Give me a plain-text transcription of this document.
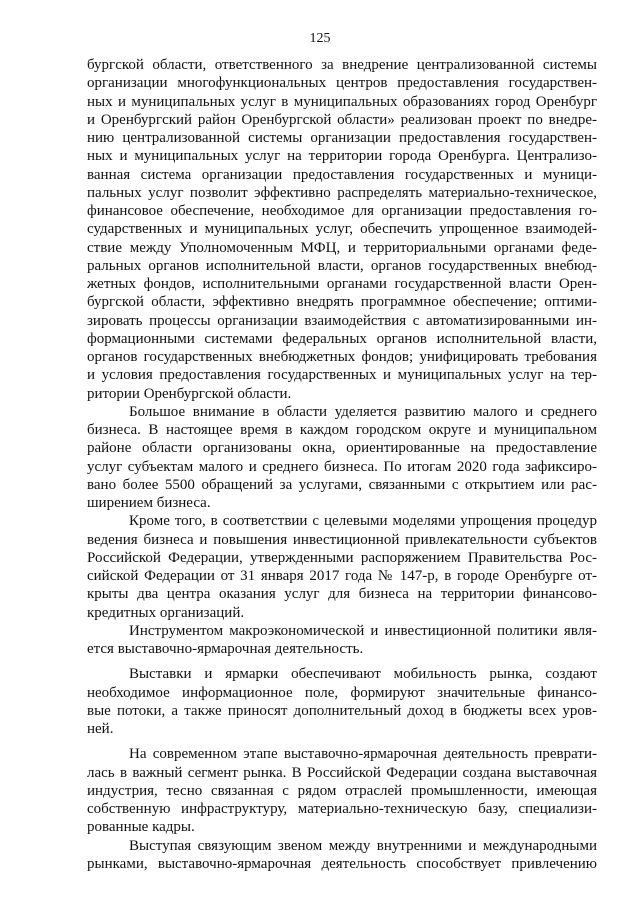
125
бургской области, ответственного за внедрение централизованной системы
организации многофункциональных центров предоставления государствен-
ных и муниципальных услуг в муниципальных образованиях город Оренбург
и Оренбургский район Оренбургской области» реализован проект по внедре-
нию централизованной системы организации предоставления государствен-
ных и муниципальных услуг на территории города Оренбурга. Централизо-
ванная система организации предоставления государственных и муници-
пальных услуг позволит эффективно распределять материально-техническое,
финансовое обеспечение, необходимое для организации предоставления го-
сударственных и муниципальных услуг, обеспечить упрощенное взаимодей-
ствие между Уполномоченным МФЦ, и территориальными органами феде-
ральных органов исполнительной власти, органов государственных внебюд-
жетных фондов, исполнительными органами государственной власти Орен-
бургской области, эффективно внедрять программное обеспечение; оптими-
зировать процессы организации взаимодействия с автоматизированными ин-
формационными системами федеральных органов исполнительной власти,
органов государственных внебюджетных фондов; унифицировать требования
и условия предоставления государственных и муниципальных услуг на тер-
ритории Оренбургской области.
Большое внимание в области уделяется развитию малого и среднего
бизнеса. В настоящее время в каждом городском округе и муниципальном
районе области организованы окна, ориентированные на предоставление
услуг субъектам малого и среднего бизнеса. По итогам 2020 года зафиксиро-
вано более 5500 обращений за услугами, связанными с открытием или рас-
ширением бизнеса.
Кроме того, в соответствии с целевыми моделями упрощения процедур
ведения бизнеса и повышения инвестиционной привлекательности субъектов
Российской Федерации, утвержденными распоряжением Правительства Рос-
сийской Федерации от 31 января 2017 года № 147-р, в городе Оренбурге от-
крыты два центра оказания услуг для бизнеса на территории финансово-
кредитных организаций.
Инструментом макроэкономической и инвестиционной политики явля-
ется выставочно-ярмарочная деятельность.
Выставки и ярмарки обеспечивают мобильность рынка, создают
необходимое информационное поле, формируют значительные финансо-
вые потоки, а также приносят дополнительный доход в бюджеты всех уров-
ней.
На современном этапе выставочно-ярмарочная деятельность преврати-
лась в важный сегмент рынка. В Российской Федерации создана выставочная
индустрия, тесно связанная с рядом отраслей промышленности, имеющая
собственную инфраструктуру, материально-техническую базу, специализи-
рованные кадры.
Выступая связующим звеном между внутренними и международными
рынками, выставочно-ярмарочная деятельность способствует привлечению
